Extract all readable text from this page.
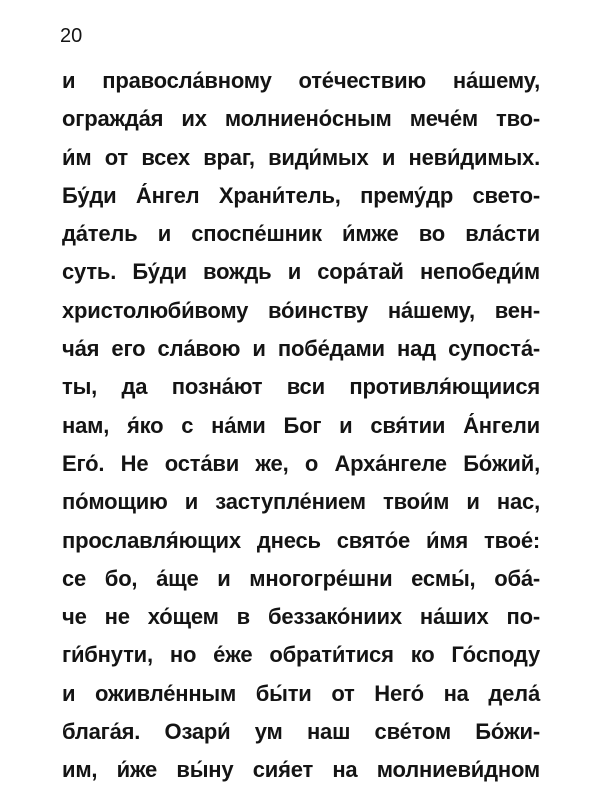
20
и правосла́вному оте́чествию на́шему,
огражда́я их молниено́сным мече́м тво-
и́м от всех враг, види́мых и неви́димых.
Бу́ди А́нгел Храни́тель, прему́др свето-
да́тель и споспе́шник и́мже во вла́сти
суть. Бу́ди вождь и сора́тай непобеди́м
христолюби́вому во́инству на́шему, вен-
ча́я его сла́вою и побе́дами над супоста́-
ты, да позна́ют вси противля́ющиися
нам, я́ко с на́ми Бог и свя́тии А́нгели
Его́. Не оста́ви же, о Арха́нгеле Бо́жий,
по́мощию и заступле́нием твои́м и нас,
прославля́ющих днесь свято́е и́мя твое́:
се бо, а́ще и многогре́шни есмы́, оба́-
че не хо́щем в беззако́ниих на́ших по-
ги́бнути, но е́же обрати́тися ко Го́споду
и оживле́нным бы́ти от Него́ на дела́
блага́я. Озари́ ум наш све́том Бо́жи-
им, и́же вы́ну сия́ет на молниеви́дном
